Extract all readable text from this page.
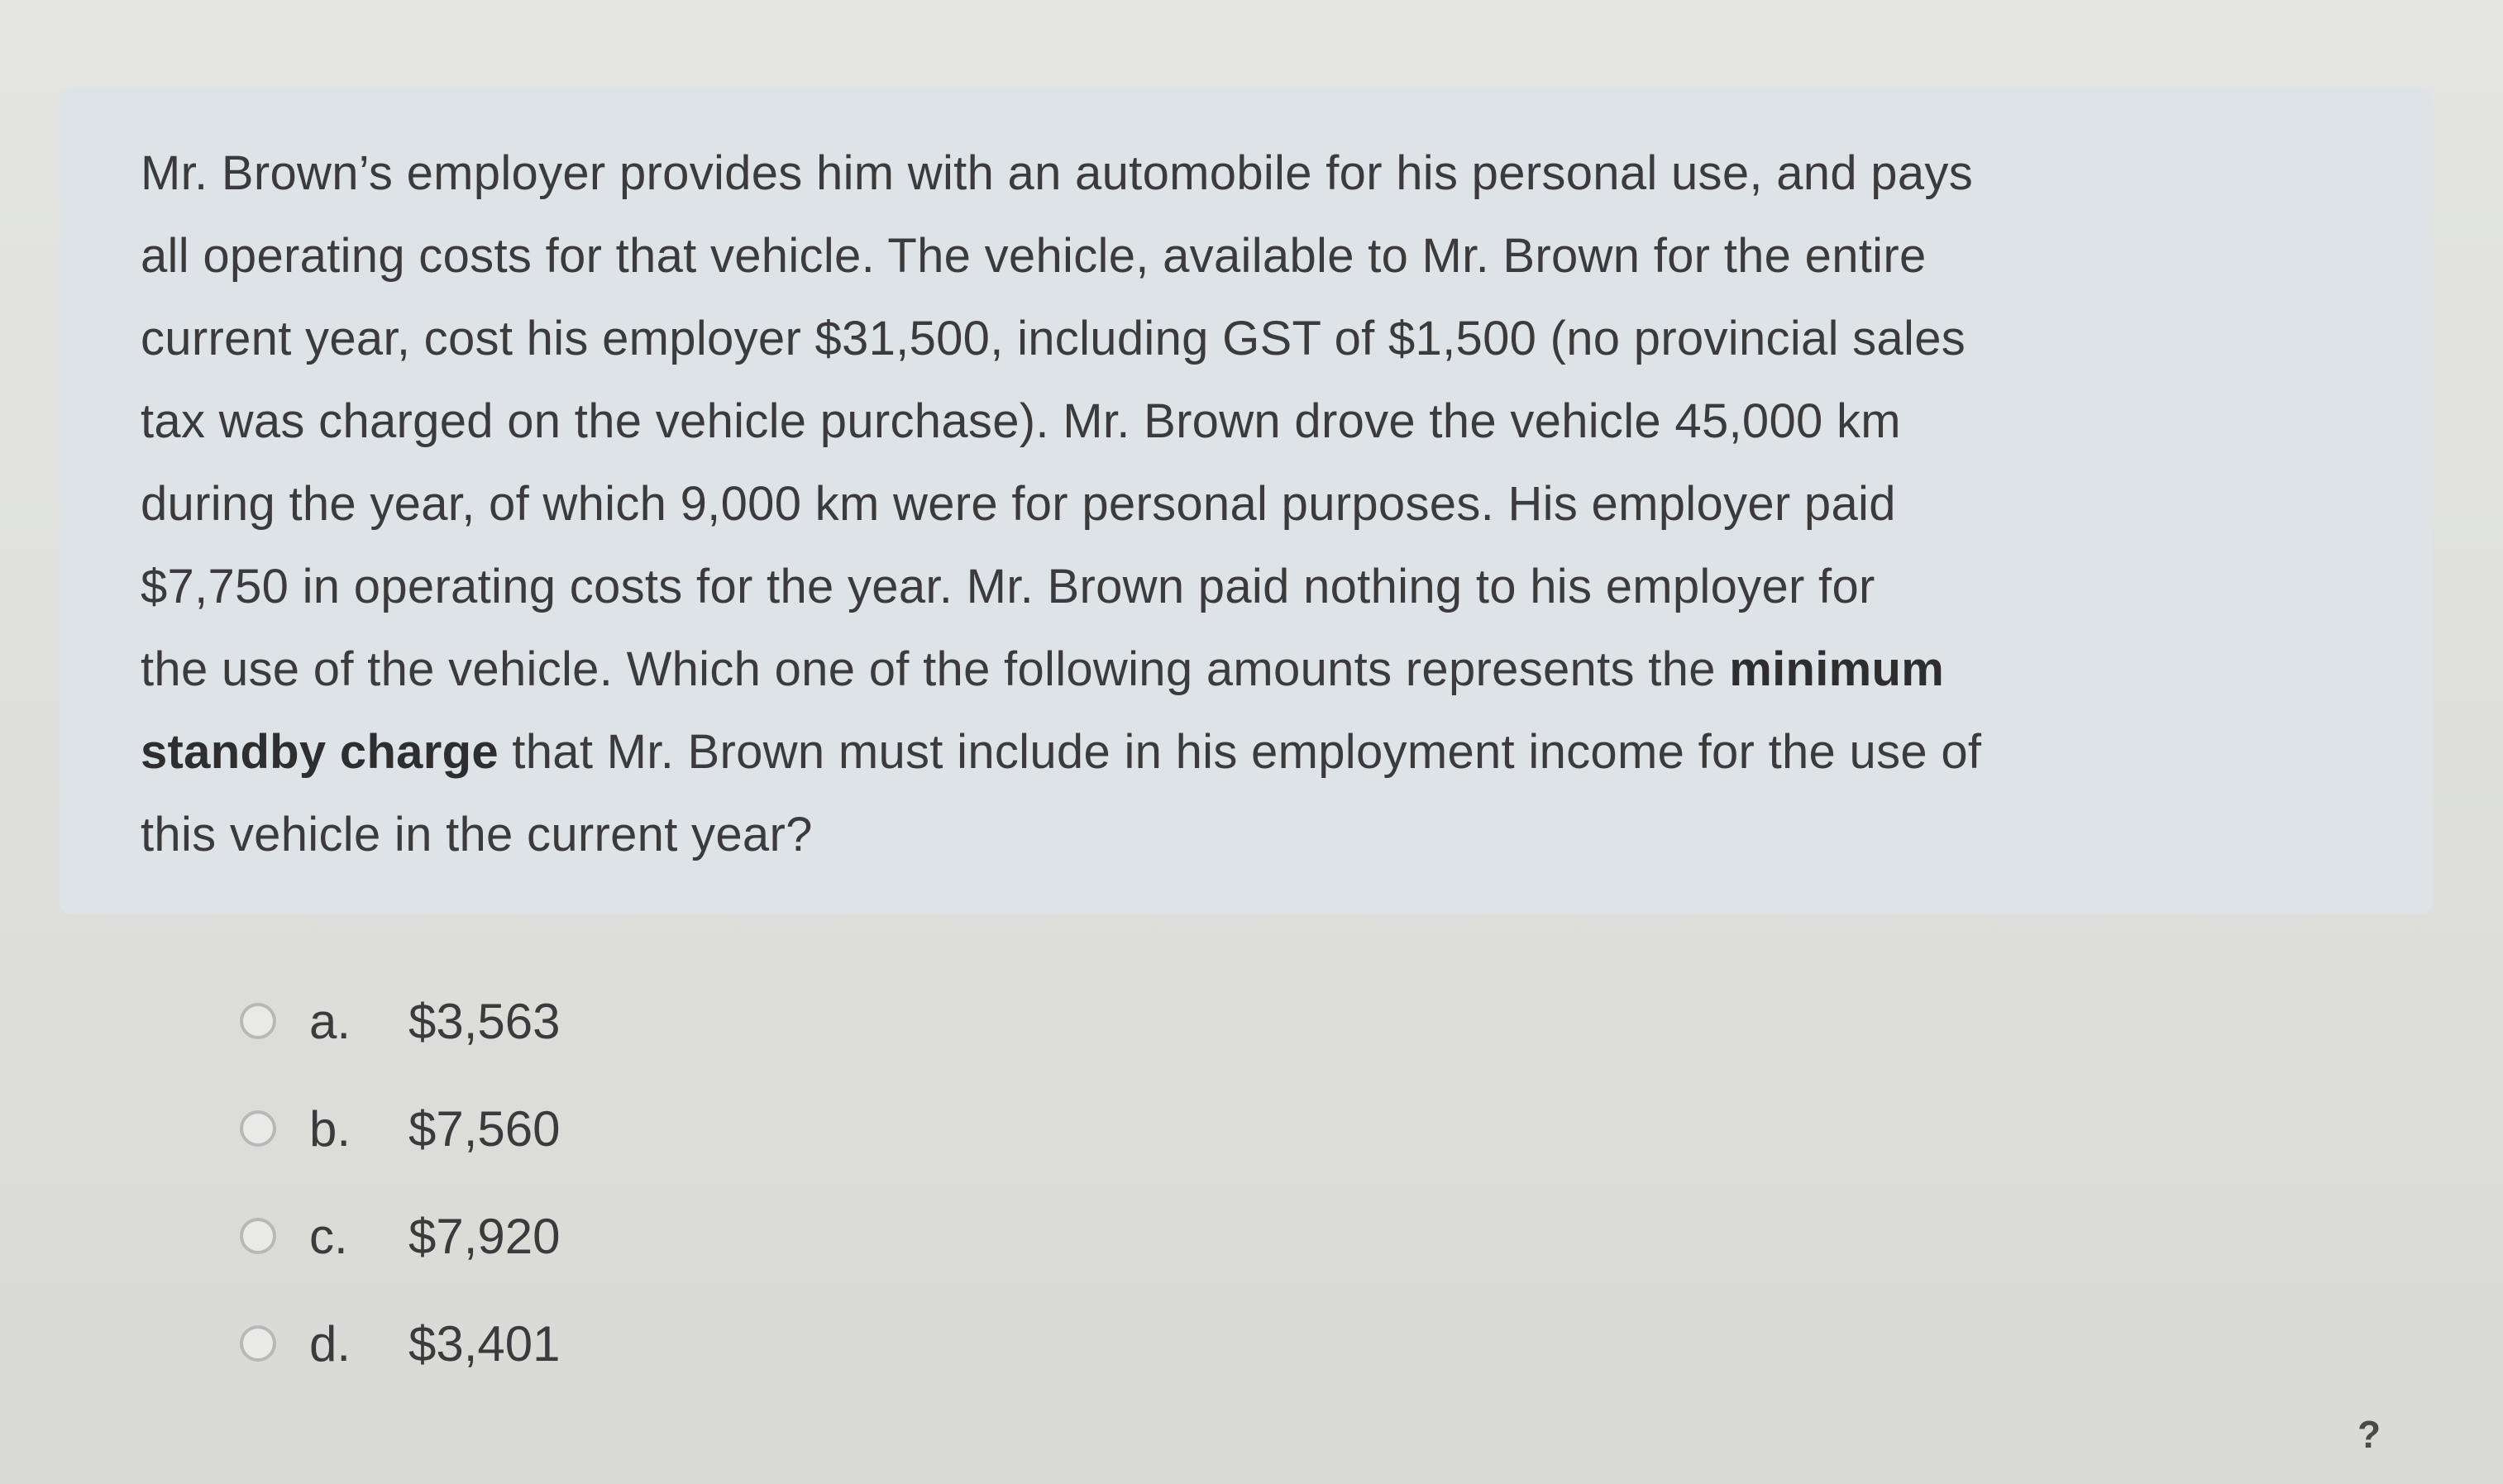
Mr. Brown’s employer provides him with an automobile for his personal use, and pays
all operating costs for that vehicle. The vehicle, available to Mr. Brown for the entire
current year, cost his employer $31,500, including GST of $1,500 (no provincial sales
tax was charged on the vehicle purchase). Mr. Brown drove the vehicle 45,000 km
during the year, of which 9,000 km were for personal purposes. His employer paid
$7,750 in operating costs for the year. Mr. Brown paid nothing to his employer for
the use of the vehicle. Which one of the following amounts represents the minimum
standby charge that Mr. Brown must include in his employment income for the use of
this vehicle in the current year?

a.	$3,563
b.	$7,560
c.	$7,920
d.	$3,401
?
